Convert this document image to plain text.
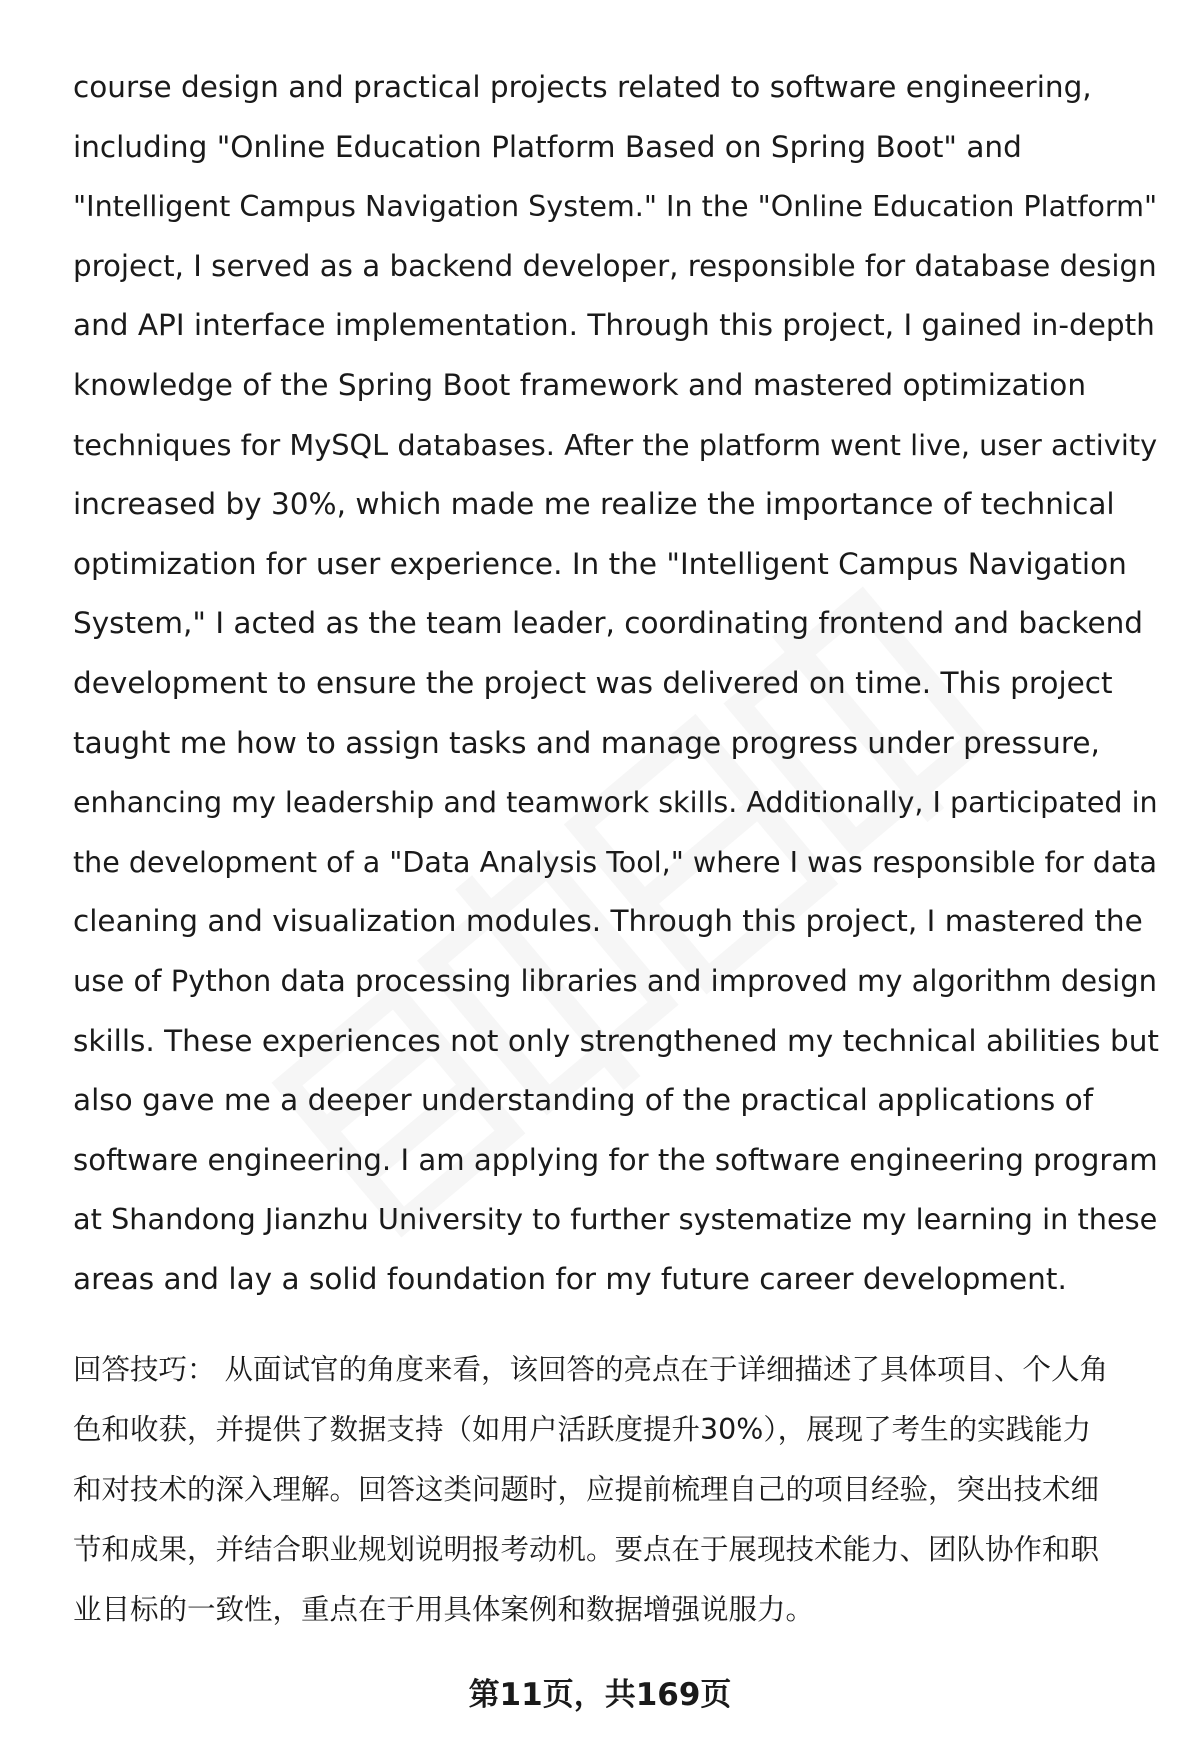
course design and practical projects related to software engineering,
including "Online Education Platform Based on Spring Boot" and
"Intelligent Campus Navigation System." In the "Online Education Platform"
project, I served as a backend developer, responsible for database design
and API interface implementation. Through this project, I gained in-depth
knowledge of the Spring Boot framework and mastered optimization
techniques for MySQL databases. After the platform went live, user activity
increased by 30%, which made me realize the importance of technical
optimization for user experience. In the "Intelligent Campus Navigation
System," I acted as the team leader, coordinating frontend and backend
development to ensure the project was delivered on time. This project
taught me how to assign tasks and manage progress under pressure,
enhancing my leadership and teamwork skills. Additionally, I participated in
the development of a "Data Analysis Tool," where I was responsible for data
cleaning and visualization modules. Through this project, I mastered the
use of Python data processing libraries and improved my algorithm design
skills. These experiences not only strengthened my technical abilities but
also gave me a deeper understanding of the practical applications of
software engineering. I am applying for the software engineering program
at Shandong Jianzhu University to further systematize my learning in these
areas and lay a solid foundation for my future career development.
回答技巧： 从面试官的角度来看，该回答的亮点在于详细描述了具体项目、个人角
色和收获，并提供了数据支持（如用户活跃度提升30%），展现了考生的实践能力
和对技术的深入理解。回答这类问题时，应提前梳理自己的项目经验，突出技术细
节和成果，并结合职业规划说明报考动机。要点在于展现技术能力、团队协作和职
业目标的一致性，重点在于用具体案例和数据增强说服力。
第11页，共169页
